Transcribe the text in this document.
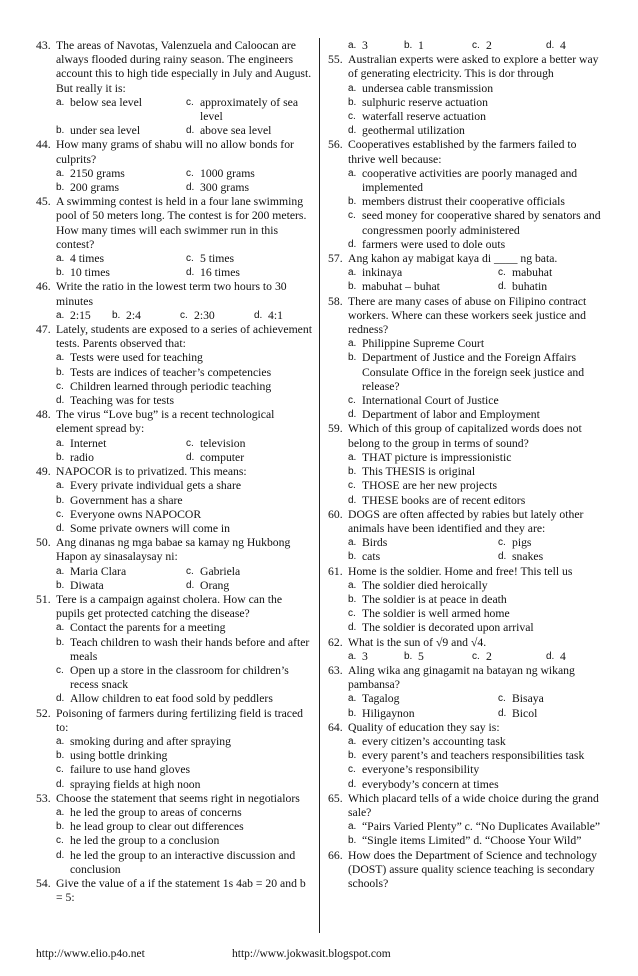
43. The areas of Navotas, Valenzuela and Caloocan are always flooded during rainy season. The engineers account this to high tide especially in July and August. But really it is:
a. below sea level	c. approximately of sea level
b. under sea level	d. above sea level
44. How many grams of shabu will no allow bonds for culprits?
a. 2150 grams	c. 1000 grams
b. 200 grams	d. 300 grams
45. A swimming contest is held in a four lane swimming pool of 50 meters long. The contest is for 200 meters. How many times will each swimmer run in this contest?
a. 4 times	c. 5 times
b. 10 times	d. 16 times
46. Write the ratio in the lowest term two hours to 30 minutes
a. 2:15	b. 2:4	c. 2:30	d. 4:1
47. Lately, students are exposed to a series of achievement tests. Parents observed that:
a. Tests were used for teaching
b. Tests are indices of teacher’s competencies
c. Children learned through periodic teaching
d. Teaching was for tests
48. The virus “Love bug” is a recent technological element spread by:
a. Internet	c. television
b. radio	d. computer
49. NAPOCOR is to privatized. This means:
a. Every private individual gets a share
b. Government has a share
c. Everyone owns NAPOCOR
d. Some private owners will come in
50. Ang dinanas ng mga babae sa kamay ng Hukbong Hapon ay sinasalaysay ni:
a. Maria Clara	c. Gabriela
b. Diwata	d. Orang
51. Tere is a campaign against cholera. How can the pupils get protected catching the disease?
a. Contact the parents for a meeting
b. Teach children to wash their hands before and after meals
c. Open up a store in the classroom for children’s recess snack
d. Allow children to eat food sold by peddlers
52. Poisoning of farmers during fertilizing field is traced to:
a. smoking during and after spraying
b. using bottle drinking
c. failure to use hand gloves
d. spraying fields at high noon
53. Choose the statement that seems right in negotialors
a. he led the group to areas of concerns
b. he lead group to clear out differences
c. he led the group to a conclusion
d. he led the group to an interactive discussion and conclusion
54. Give the value of a if the statement 1s 4ab = 20 and b = 5:
a. 3	b. 1	c. 2	d. 4
55. Australian experts were asked to explore a better way of generating electricity. This is dor through
a. undersea cable transmission
b. sulphuric reserve actuation
c. waterfall reserve actuation
d. geothermal utilization
56. Cooperatives established by the farmers failed to thrive well because:
a. cooperative activities are poorly managed and implemented
b. members distrust their cooperative officials
c. seed money for cooperative shared by senators and congressmen poorly administered
d. farmers were used to dole outs
57. Ang kahon ay mabigat kaya di ____ ng bata.
a. inkinaya	c. mabuhat
b. mabuhat – buhat	d. buhatin
58. There are many cases of abuse on Filipino contract workers. Where can these workers seek justice and redness?
a. Philippine Supreme Court
b. Department of Justice and the Foreign Affairs Consulate Office in the foreign seek justice and release?
c. International Court of Justice
d. Department of labor and Employment
59. Which of this group of capitalized words does not belong to the group in terms of sound?
a. THAT picture is impressionistic
b. This THESIS is original
c. THOSE are her new projects
d. THESE books are of recent editors
60. DOGS are often affected by rabies but lately other animals have been identified and they are:
a. Birds	c. pigs
b. cats	d. snakes
61. Home is the soldier. Home and free! This tell us
a. The soldier died heroically
b. The soldier is at peace in death
c. The soldier is well armed home
d. The soldier is decorated upon arrival
62. What is the sun of √9 and √4.
a. 3	b. 5	c. 2	d. 4
63. Aling wika ang ginagamit na batayan ng wikang pambansa?
a. Tagalog	c. Bisaya
b. Hiligaynon	d. Bicol
64. Quality of education they say is:
a. every citizen’s accounting task
b. every parent’s and teachers responsibilities task
c. everyone’s responsibility
d. everybody’s concern at times
65. Which placard tells of a wide choice during the grand sale?
a. “Pairs Varied Plenty” c. “No Duplicates Available”
b. “Single items Limited” d. “Choose Your Wild”
66. How does the Department of Science and technology (DOST) assure quality science teaching is secondary schools?
http://www.elio.p4o.net	http://www.jokwasit.blogspot.com
